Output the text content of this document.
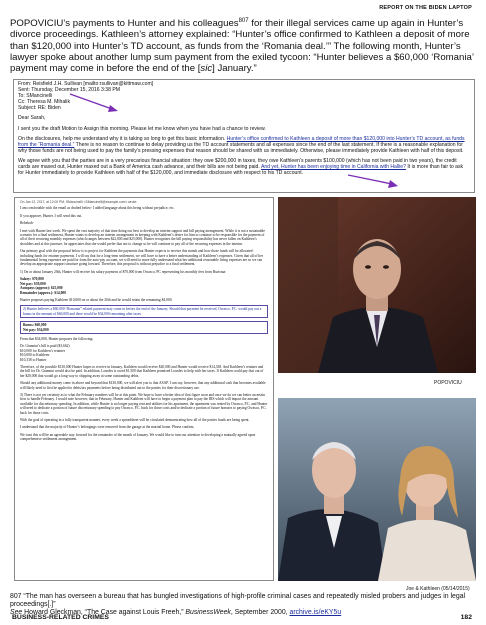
REPORT ON THE BIDEN LAPTOP
POPOVICIU’s payments to Hunter and his colleagues$^{807}$ for their illegal services came up again in Hunter’s divorce proceedings. Kathleen’s attorney explained: “Hunter’s office confirmed to Kathleen a deposit of more than $120,000 into Hunter’s TD account, as funds from the ‘Romania deal.’” The following month, Hunter’s lawyer spoke about another lump sum payment from the exiled tycoon: “Hunter believes a $60,000 ‘Romania’ payment may come in before the end of the [sic] January.”
From: Reisfield J.H. Sullivan [mailto:rsullivan@kittmaw.com]
Sent: Thursday, December 15, 2016 3:38 PM
To: SMancinelli
Cc: Theresa M. Mihalik
Subject: RE: Biden
Dear Sarah,
I sent you the draft Motion to Assign this morning. Please let me know when you have had a chance to review.
On the disclosures, help me understand why it is taking so long to get this basic information. Hunter’s office confirmed to Kathleen a deposit of more than $120,000 into Hunter’s TD account, as funds from the “Romania deal.” There is no reason to continue to delay providing us the TD account statements and all expenses since the end of the last statement. If there is a reasonable explanation for why those funds are not being used to pay the family’s pressing expenses that reason should be shared with us immediately. Otherwise, please immediately provide Kathleen with half of this deposit.
We agree with you that the parties are in a very precarious financial situation: they owe $200,000 in taxes, they owe Kathleen’s parents $100,000 (which has not been paid in two years), the credit cards are maxed out, Hunter maxed out a Bank of America cash advance, and their bills are not being paid. And yet, Hunter has been enjoying time in California with Hallie? It is more than fair to ask for Hunter immediately to provide Kathleen with half of the $120,000, and immediate disclosure with respect to his TD account.
On Jan 12, 2017, at 12:00 PM, SMancinelli <SMancinelli@example.com> wrote:

I am comfortable with the email as drafted below- I added language about this being without prejudice, etc.

If you approve, Hunter. I will send this out.

Rebekah-

I met with Hunter last week. We spent the vast majority of that time doing our best to develop an interim support and bill paying arrangement. While it is not a sustainable scenario for a final settlement, Hunter wants to develop an interim arrangement in keeping with Kathleen’s desire for him to continue to be responsible for the payment of all of their recurring monthly expenses (which ranges between $22,000 and $25,000). Hunter recognizes the bill paying responsibility has never fallen on Kathleen’s shoulders and at this juncture, he appreciates that she would prefer that not to change so he will continue to pay all of the recurring expenses in the interim.

Our primary goal with the proposal below is to project for Kathleen the payments that Hunter expects to receive this month and how those funds will be allocated- including funds for retainer payments. I will say that for a long-term settlement, we will have to have a better understanding of Kathleen’s expenses. Given that all of her fundamental living expenses are paid for from the auto-pay account, we will need to more fully understand what her additional reasonable living expenses are so we can develop an appropriate support structure going forward. Therefore, this proposal is without prejudice to a final settlement.

1) On or about January 20th, Hunter will receive his salary payment of $70,000 from Owasco, PC representing his monthly fees from Burisma:

Salary: $70,000
Net pay: $39,000
Autopays (approx): $25,000
Remainder (approx.): $14,000

Hunter proposes paying Kathleen $10,000 on or about the 20th and he would retain the remaining $4,000.

2) Hunter believes a $60,000 “Romania” related payment may come in before the end of the January. Should that payment be received, Owasco, P.C. would pay out a bonus in the amount of $60,000 and there would be $34,000 remaining after taxes.
Bonus: $60,000
Net pay: $34,000

From that $34,000, Hunter proposes the following:

Dr. Giannini’s bill is paid ($3,662)
$10,000 for Kathleen’s retainer
$10,000 to Kathleen
$10,338 to Hunter

Therefore, of the possible $130,000 Hunter hopes to receive in January, Kathleen would receive $20,000 and Hunter would receive $14,338. And Kathleen’s retainer and the bill for Dr. Giannini would also be paid. In addition, Lourdes is owed $1,500 that Kathleen promised Lourdes to help with her taxes. If Kathleen could pay that out of her $20,000 that would go a long way to chipping away at some outstanding debts.

Should any additional money come in above and beyond that $130,000, we will alert you to that ASAP. I can say, however, that any additional cash that becomes available will likely need to first be applied to debts/tax payments before being distributed out to the parties for their discretionary use.

3) There is not yet certainty as to what the February numbers will be at this point. We hope to have a better idea of that figure soon and once we do we can better ascertain how to handle February. I would note however, that in February, Hunter and Kathleen will have to begin a payment plan to pay the IRS which will impact the amount available for discretionary spending. In addition, while Hunter is no longer paying rent and utilities for his apartment, the apartment was rented by Owasco, P.C. and Hunter will need to dedicate a portion of future discretionary spending to pay Owasco, P.C. back for those costs and/or dedicate a portion of future bonuses to paying Owasco, P.C. back for those costs.

With the goal of operating in a fully transparent manner, every week a spreadsheet will be circulated demonstrating how all of the parties funds are being spent.

I understand that the majority of Hunter’s belongings were removed from the garage at the marital home. Please confirm.

We trust this will be an agreeable way forward for the remainder of the month of January. We would like to turn our attention to developing a mutually agreed upon comprehensive settlement arrangement.

POPOVICIU
Joe & Kathleen (05/14/2015)
807 “The man has overseen a bureau that has bungled investigations of high-profile criminal cases and repeatedly misled probers and judges in legal proceedings[.]”
See Howard Gleckman, “The Case against Louis Freeh,” BusinessWeek, September 2000, archive.is/eKY5u
BUSINESS-RELATED CRIMES	182
